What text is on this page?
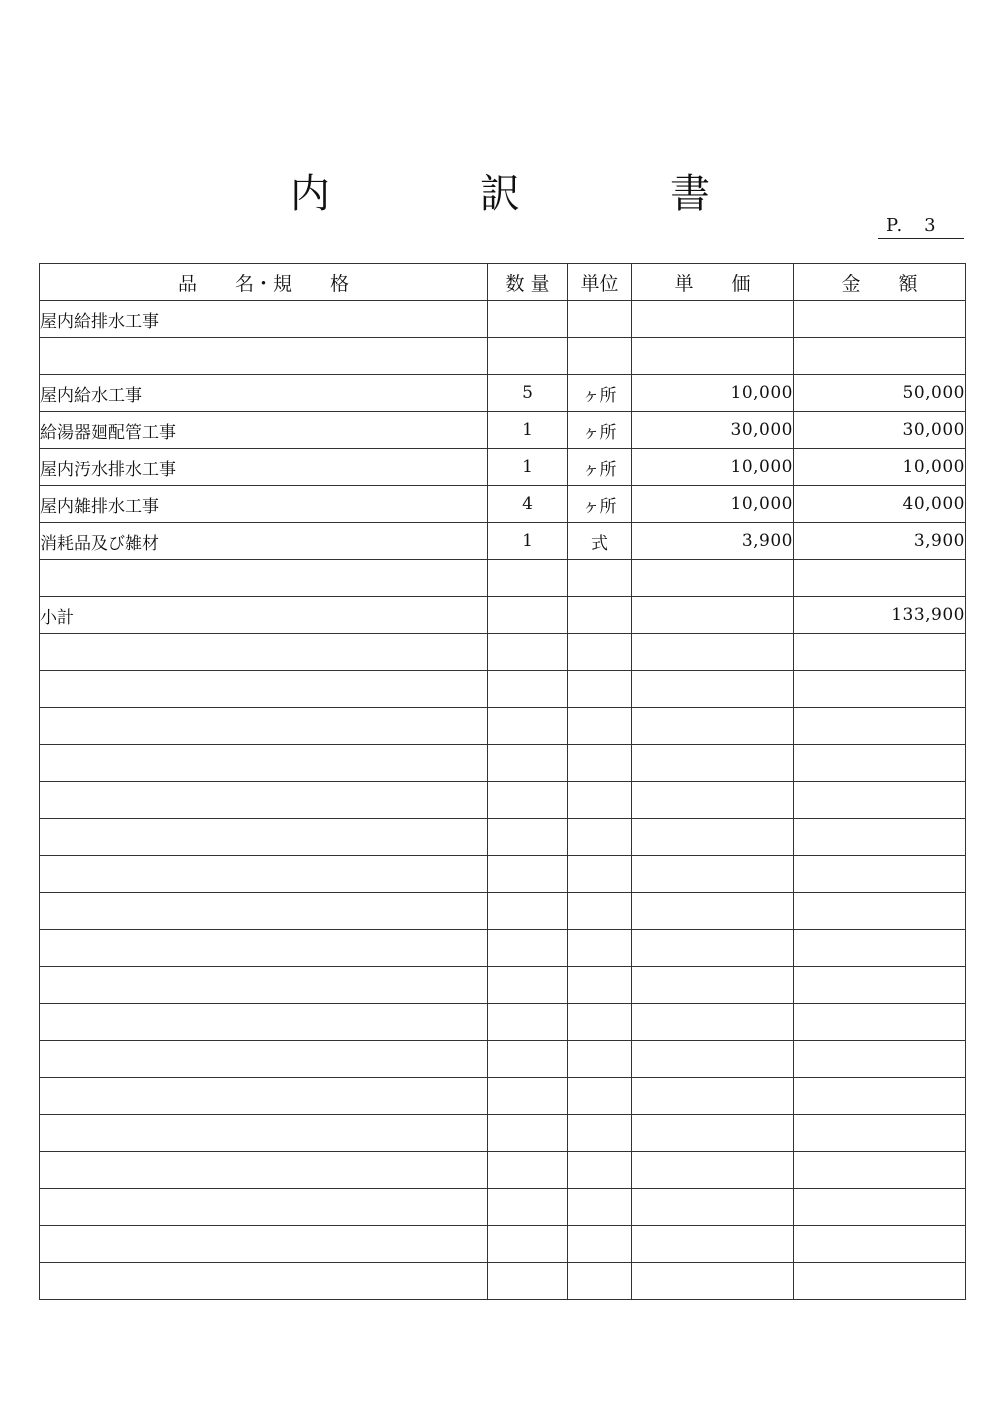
内　訳　書
P.　3
品　　名・規　　格	数 量	単位	単　　価	金　　額
屋内給排水工事				

屋内給水工事	5	ヶ所	10,000	50,000
給湯器廻配管工事	1	ヶ所	30,000	30,000
屋内汚水排水工事	1	ヶ所	10,000	10,000
屋内雑排水工事	4	ヶ所	10,000	40,000
消耗品及び雑材	1	式	3,900	3,900

小計				133,900
